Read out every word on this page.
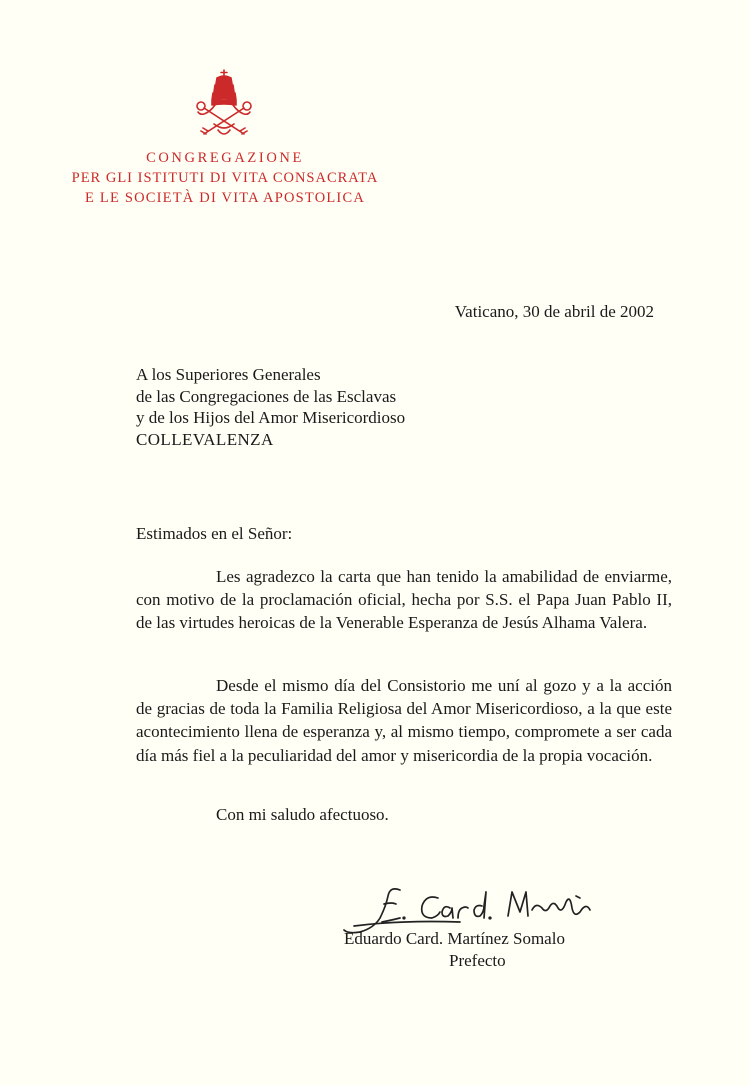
CONGREGAZIONE
PER GLI ISTITUTI DI VITA CONSACRATA
E LE SOCIETÀ DI VITA APOSTOLICA
Vaticano, 30 de abril de 2002
A los Superiores Generales
de las Congregaciones de las Esclavas
y de los Hijos del Amor Misericordioso
COLLEVALENZA
Estimados en el Señor:
Les agradezco la carta que han tenido la amabilidad de enviarme, con motivo de la proclamación oficial, hecha por S.S. el Papa Juan Pablo II, de las virtudes heroicas de la Venerable Esperanza de Jesús Alhama Valera.
Desde el mismo día del Consistorio me uní al gozo y a la acción de gracias de toda la Familia Religiosa del Amor Misericordioso, a la que este acontecimiento llena de esperanza y, al mismo tiempo, compromete a ser cada día más fiel a la peculiaridad del amor y misericordia de la propia vocación.
Con mi saludo afectuoso.
Eduardo Card. Martínez Somalo
Prefecto
